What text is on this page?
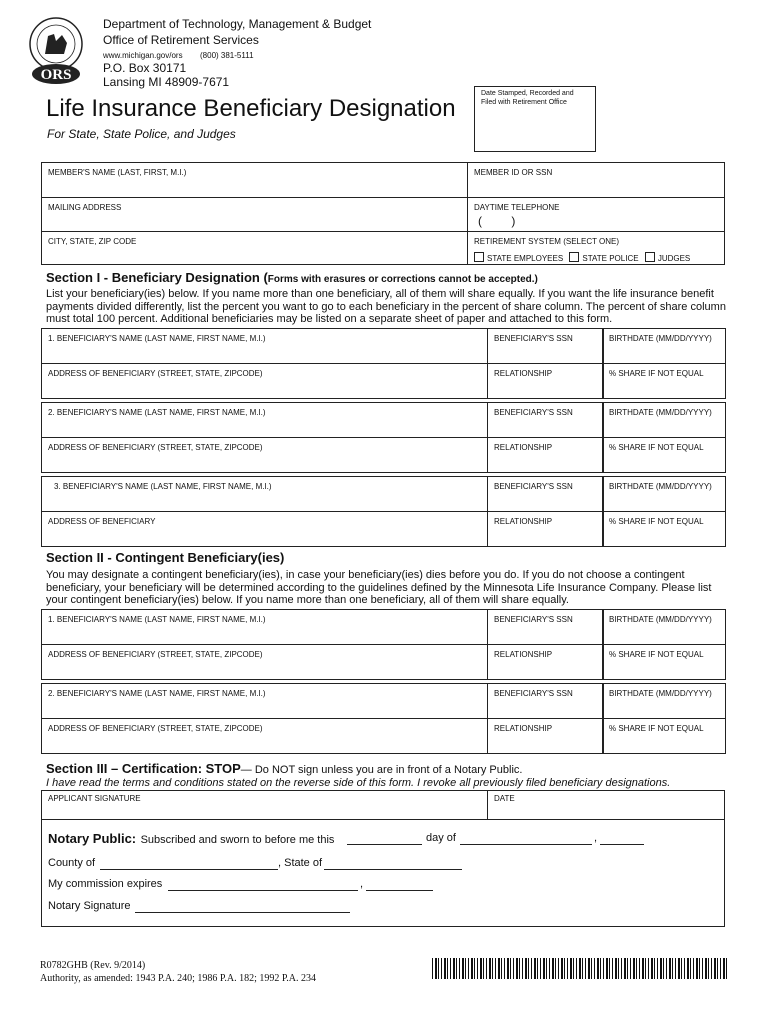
ORS
Department of Technology, Management & Budget
Office of Retirement Services
www.michigan.gov/ors (800) 381-5111
P.O. Box 30171
Lansing MI 48909-7671
Life Insurance Beneficiary Designation
For State, State Police, and Judges
Date Stamped, Recorded and Filed with Retirement Office
MEMBER'S NAME (LAST, FIRST, M.I.)	MEMBER ID OR SSN
MAILING ADDRESS	DAYTIME TELEPHONE
( )
CITY, STATE, ZIP CODE	RETIREMENT SYSTEM (SELECT ONE)
STATE EMPLOYEES STATE POLICE JUDGES
Section I - Beneficiary Designation (Forms with erasures or corrections cannot be accepted.)
List your beneficiary(ies) below. If you name more than one beneficiary, all of them will share equally. If you want the life insurance benefit payments divided differently, list the percent you want to go to each beneficiary in the percent of share column. The percent of share column must total 100 percent. Additional beneficiaries may be listed on a separate sheet of paper and attached to this form.
1. BENEFICIARY'S NAME (LAST NAME, FIRST NAME, M.I.)	BENEFICIARY'S SSN	BIRTHDATE (MM/DD/YYYY)
ADDRESS OF BENEFICIARY (STREET, STATE, ZIPCODE)	RELATIONSHIP	% SHARE IF NOT EQUAL
2. BENEFICIARY'S NAME (LAST NAME, FIRST NAME, M.I.)	BENEFICIARY'S SSN	BIRTHDATE (MM/DD/YYYY)
ADDRESS OF BENEFICIARY (STREET, STATE, ZIPCODE)	RELATIONSHIP	% SHARE IF NOT EQUAL
3. BENEFICIARY'S NAME (LAST NAME, FIRST NAME, M.I.)	BENEFICIARY'S SSN	BIRTHDATE (MM/DD/YYYY)
ADDRESS OF BENEFICIARY	RELATIONSHIP	% SHARE IF NOT EQUAL
Section II - Contingent Beneficiary(ies)
You may designate a contingent beneficiary(ies), in case your beneficiary(ies) dies before you do. If you do not choose a contingent beneficiary, your beneficiary will be determined according to the guidelines defined by the Minnesota Life Insurance Company. Please list your contingent beneficiary(ies) below. If you name more than one beneficiary, all of them will share equally.
1. BENEFICIARY'S NAME (LAST NAME, FIRST NAME, M.I.)	BENEFICIARY'S SSN	BIRTHDATE (MM/DD/YYYY)
ADDRESS OF BENEFICIARY (STREET, STATE, ZIPCODE)	RELATIONSHIP	% SHARE IF NOT EQUAL
2. BENEFICIARY'S NAME (LAST NAME, FIRST NAME, M.I.)	BENEFICIARY'S SSN	BIRTHDATE (MM/DD/YYYY)
ADDRESS OF BENEFICIARY (STREET, STATE, ZIPCODE)	RELATIONSHIP	% SHARE IF NOT EQUAL
Section III – Certification: STOP— Do NOT sign unless you are in front of a Notary Public.
I have read the terms and conditions stated on the reverse side of this form. I revoke all previously filed beneficiary designations.
APPLICANT SIGNATURE	DATE
Notary Public: Subscribed and sworn to before me this	day of	,
County of	, State of
My commission expires	,
Notary Signature
R0782GHB (Rev. 9/2014)
Authority, as amended: 1943 P.A. 240; 1986 P.A. 182; 1992 P.A. 234
